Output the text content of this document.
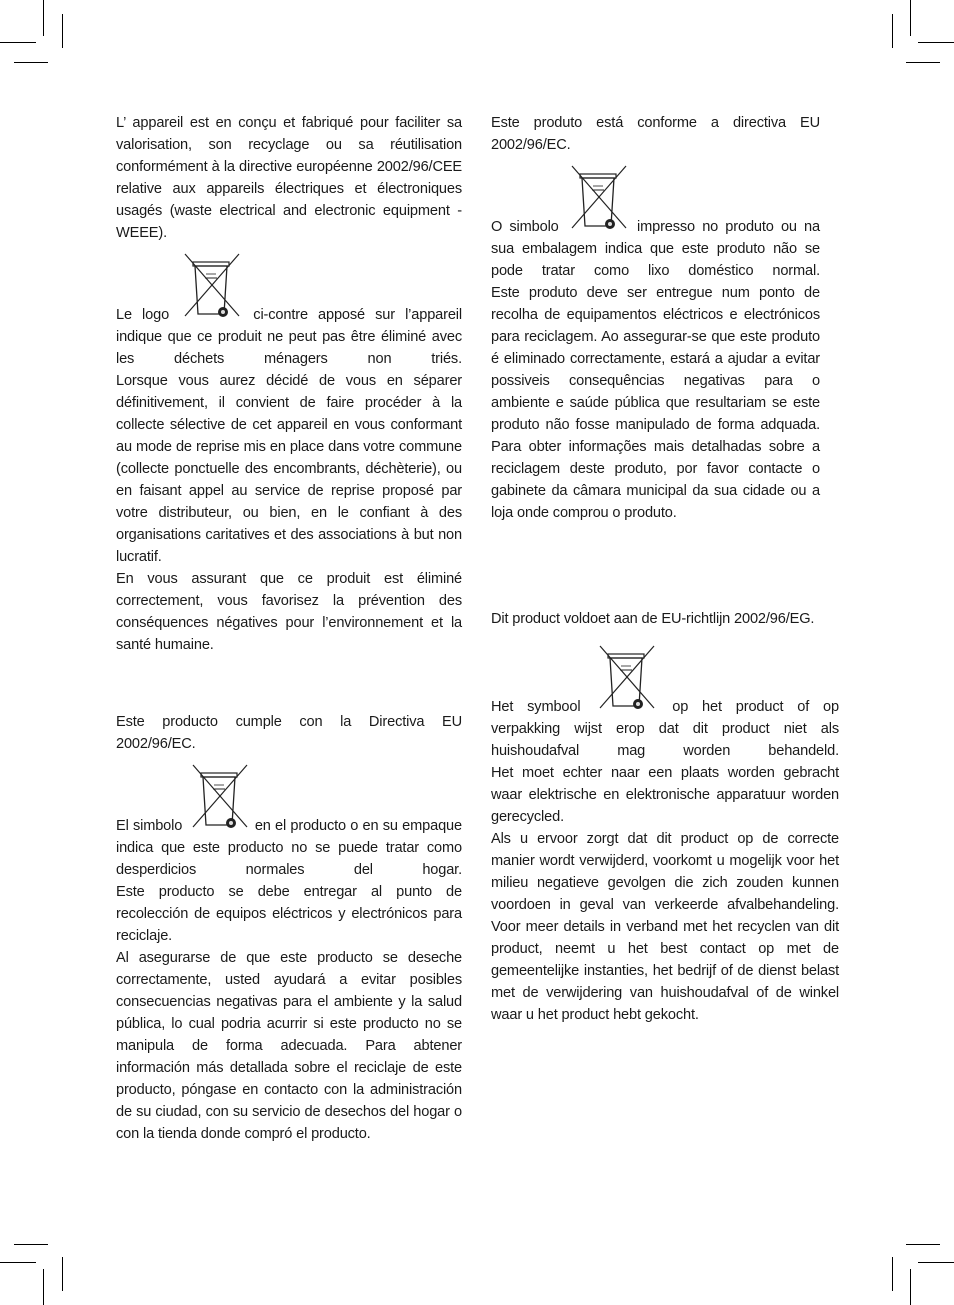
L’ appareil est en conçu et fabriqué pour faciliter sa valorisation, son recyclage ou sa réutilisation conformément à la directive européenne 2002/96/CEE relative aux appareils électriques et électroniques usagés (waste electrical and electronic equipment - WEEE).

Le logo	ci-contre apposé sur l’appareil indique que ce produit ne peut pas être éliminé avec les déchets ménagers non triés.

Lorsque vous aurez décidé de vous en séparer définitivement, il convient de faire procéder à la collecte sélective de cet appareil en vous conformant au mode de reprise mis en place dans votre commune (collecte ponctuelle des encombrants, déchèterie), ou en faisant appel au service de reprise proposé par votre distributeur, ou bien, en le confiant à des organisations caritatives et des associations à but non lucratif.

En vous assurant que ce produit est éliminé correctement, vous favorisez la prévention des conséquences négatives pour l’environnement et la santé humaine.

Este producto cumple con la Directiva EU 2002/96/EC.

El simbolo	en el producto o en su empaque indica que este producto no se puede tratar como desperdicios normales del hogar.

Este producto se debe entregar al punto de recolección de equipos eléctricos y electrónicos para reciclaje.

Al asegurarse de que este producto se deseche correctamente, usted ayudará a evitar posibles consecuencias negativas para el ambiente y la salud pública, lo cual podria acurrir si este producto no se manipula de forma adecuada. Para abtener información más detallada sobre el reciclaje de este producto, póngase en contacto con la administración de su ciudad, con su servicio de desechos del hogar o con la tienda donde compró el producto.

Este produto está conforme a directiva EU 2002/96/EC.

O simbolo	impresso no produto ou na sua embalagem indica que este produto não se pode tratar como lixo doméstico normal.

Este produto deve ser entregue num ponto de recolha de equipamentos eléctricos e electrónicos para reciclagem. Ao assegurar-se que este produto é eliminado correctamente, estará a ajudar a evitar possiveis consequências negativas para o ambiente e saúde pública que resultariam se este produto não fosse manipulado de forma adquada. Para obter informações mais detalhadas sobre a reciclagem deste produto, por favor contacte o gabinete da câmara municipal da sua cidade ou a loja onde comprou o produto.

Dit product voldoet aan de EU-richtlijn 2002/96/EG.

Het symbool	op het product of op verpakking wijst erop dat dit product niet als huishoudafval mag worden behandeld.

Het moet echter naar een plaats worden gebracht waar elektrische en elektronische apparatuur worden gerecycled.

Als u ervoor zorgt dat dit product op de correcte manier wordt verwijderd, voorkomt u mogelijk voor het milieu negatieve gevolgen die zich zouden kunnen voordoen in geval van verkeerde afvalbehandeling. Voor meer details in verband met het recyclen van dit product, neemt u het best contact op met de gemeentelijke instanties, het bedrijf of de dienst belast met de verwijdering van huishoudafval of de winkel waar u het product hebt gekocht.
